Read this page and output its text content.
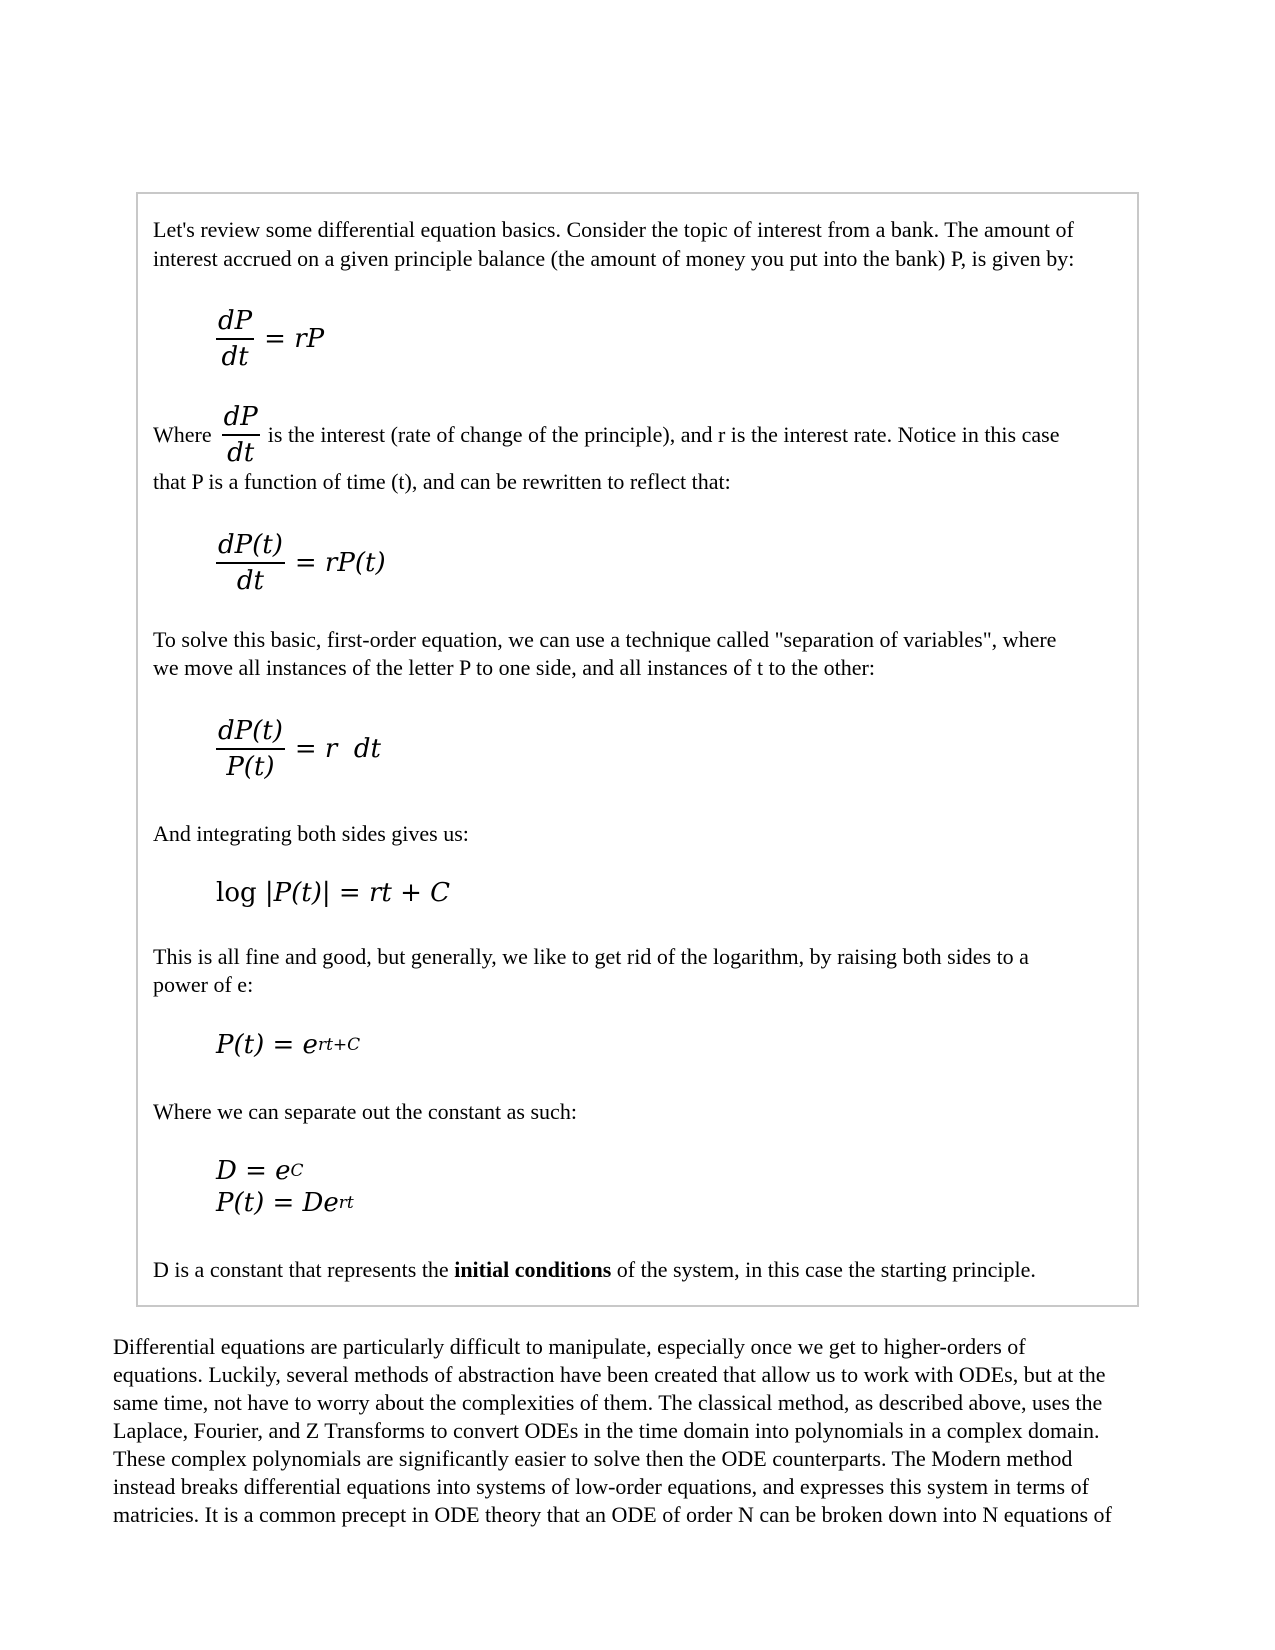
Let's review some differential equation basics. Consider the topic of interest from a bank. The amount of
interest accrued on a given principle balance (the amount of money you put into the bank) P, is given by:
$\frac{dP}{dt}$ = rP
Where $\frac{dP}{dt}$ is the interest (rate of change of the principle), and r is the interest rate. Notice in this case
that P is a function of time (t), and can be rewritten to reflect that:
$\frac{dP(t)}{dt} = rP(t)$
To solve this basic, first-order equation, we can use a technique called "separation of variables", where
we move all instances of the letter P to one side, and all instances of t to the other:
$\frac{dP(t)}{P(t)} = r$  dt
And integrating both sides gives us:
log
|P(t)| = rt + C
This is all fine and good, but generally, we like to get rid of the logarithm, by raising both sides to a
power of e:
P(t) = e rt+C
Where we can separate out the constant as such:
D = e C
P(t) = De rt
D is a constant that represents the initial conditions of the system, in this case the starting principle.
Differential equations are particularly difficult to manipulate, especially once we get to higher-orders of
equations. Luckily, several methods of abstraction have been created that allow us to work with ODEs, but at the
same time, not have to worry about the complexities of them. The classical method, as described above, uses the
Laplace, Fourier, and Z Transforms to convert ODEs in the time domain into polynomials in a complex domain.
These complex polynomials are significantly easier to solve then the ODE counterparts. The Modern method
instead breaks differential equations into systems of low-order equations, and expresses this system in terms of
matricies. It is a common precept in ODE theory that an ODE of order N can be broken down into N equations of
